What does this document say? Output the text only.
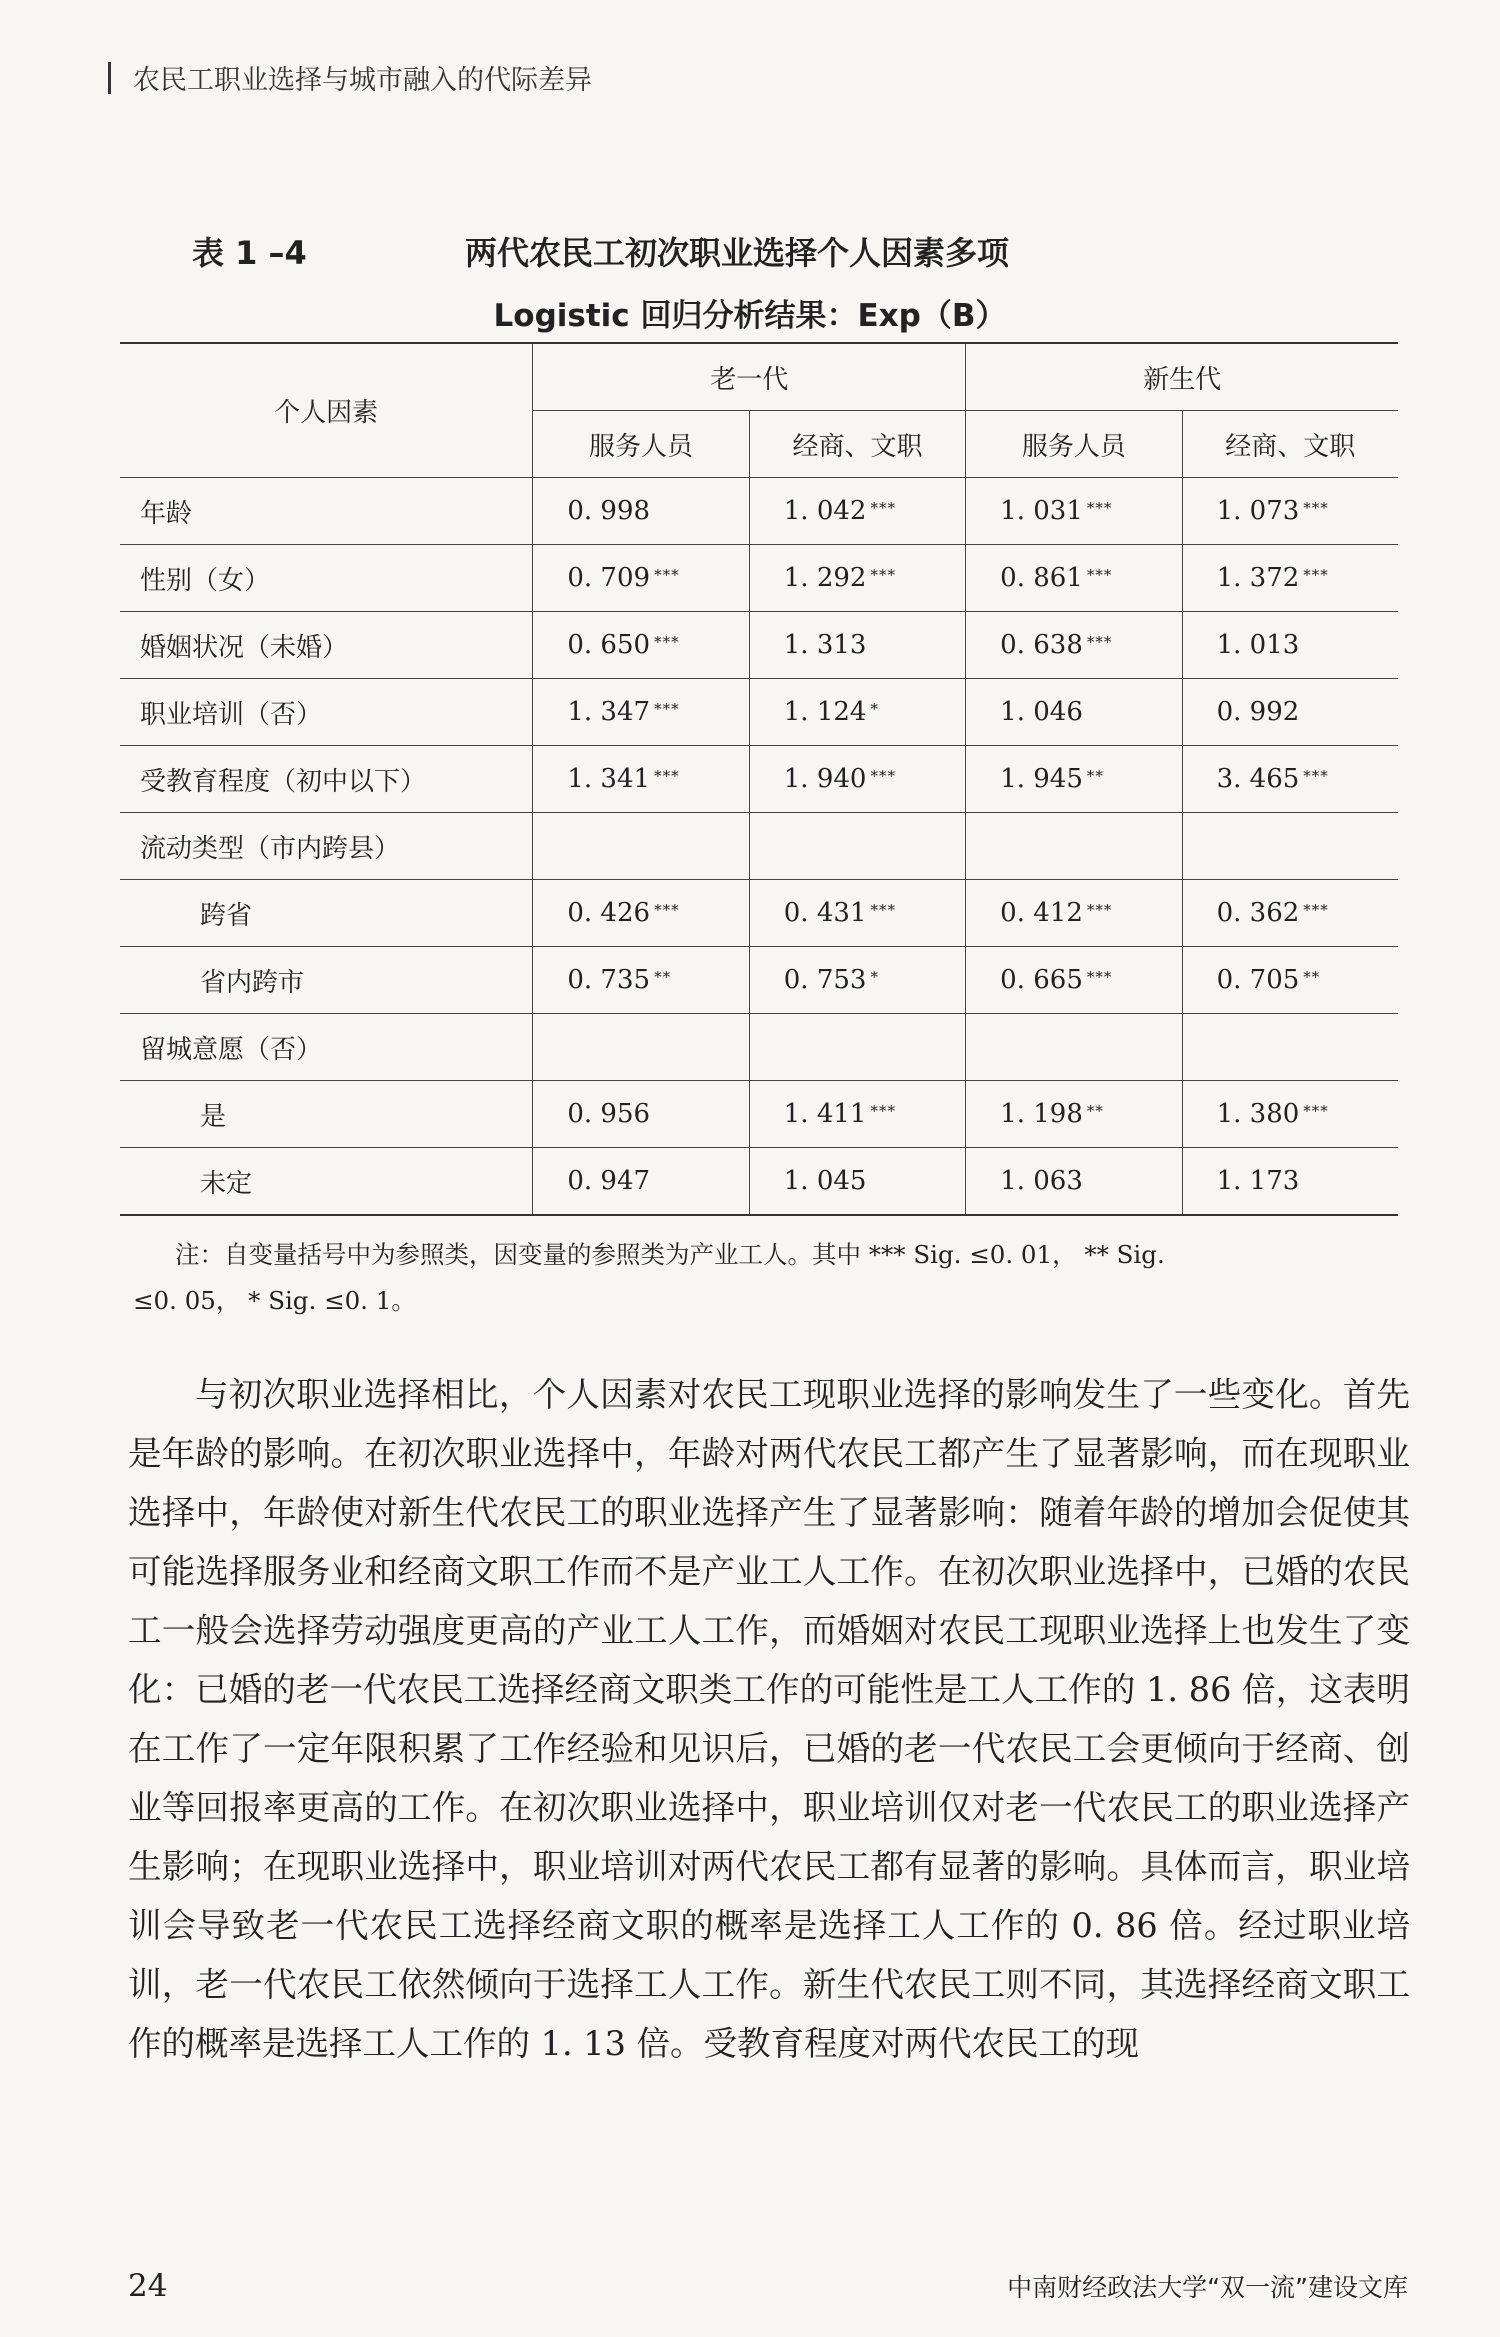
农民工职业选择与城市融入的代际差异
表 1 –4	两代农民工初次职业选择个人因素多项
Logistic 回归分析结果：Exp（B）
个人因素	老一代		新生代	
	服务人员	经商、文职	服务人员	经商、文职
年龄	0. 998	1. 042 ***	1. 031 ***	1. 073 ***
性别（女）	0. 709 ***	1. 292 ***	0. 861 ***	1. 372 ***
婚姻状况（未婚）	0. 650 ***	1. 313	0. 638 ***	1. 013
职业培训（否）	1. 347 ***	1. 124 *	1. 046	0. 992
受教育程度（初中以下）	1. 341 ***	1. 940 ***	1. 945 **	3. 465 ***
流动类型（市内跨县）				
跨省	0. 426 ***	0. 431 ***	0. 412 ***	0. 362 ***
省内跨市	0. 735 **	0. 753 *	0. 665 ***	0. 705 **
留城意愿（否）				
是	0. 956	1. 411 ***	1. 198 **	1. 380 ***
未定	0. 947	1. 045	1. 063	1. 173
注：自变量括号中为参照类，因变量的参照类为产业工人。其中 *** Sig. ≤0. 01， ** Sig.
≤0. 05， * Sig. ≤0. 1。

与初次职业选择相比，个人因素对农民工现职业选择的影响发生了一些变化。首先是年龄的影响。在初次职业选择中，年龄对两代农民工都产生了显著影响，而在现职业选择中，年龄使对新生代农民工的职业选择产生了显著影响：随着年龄的增加会促使其可能选择服务业和经商文职工作而不是产业工人工作。在初次职业选择中，已婚的农民工一般会选择劳动强度更高的产业工人工作，而婚姻对农民工现职业选择上也发生了变化：已婚的老一代农民工选择经商文职类工作的可能性是工人工作的 1. 86 倍，这表明在工作了一定年限积累了工作经验和见识后，已婚的老一代农民工会更倾向于经商、创业等回报率更高的工作。在初次职业选择中，职业培训仅对老一代农民工的职业选择产生影响；在现职业选择中，职业培训对两代农民工都有显著的影响。具体而言，职业培训会导致老一代农民工选择经商文职的概率是选择工人工作的 0. 86 倍。经过职业培训，老一代农民工依然倾向于选择工人工作。新生代农民工则不同，其选择经商文职工作的概率是选择工人工作的 1. 13 倍。受教育程度对两代农民工的现

24	中南财经政法大学“双一流”建设文库
